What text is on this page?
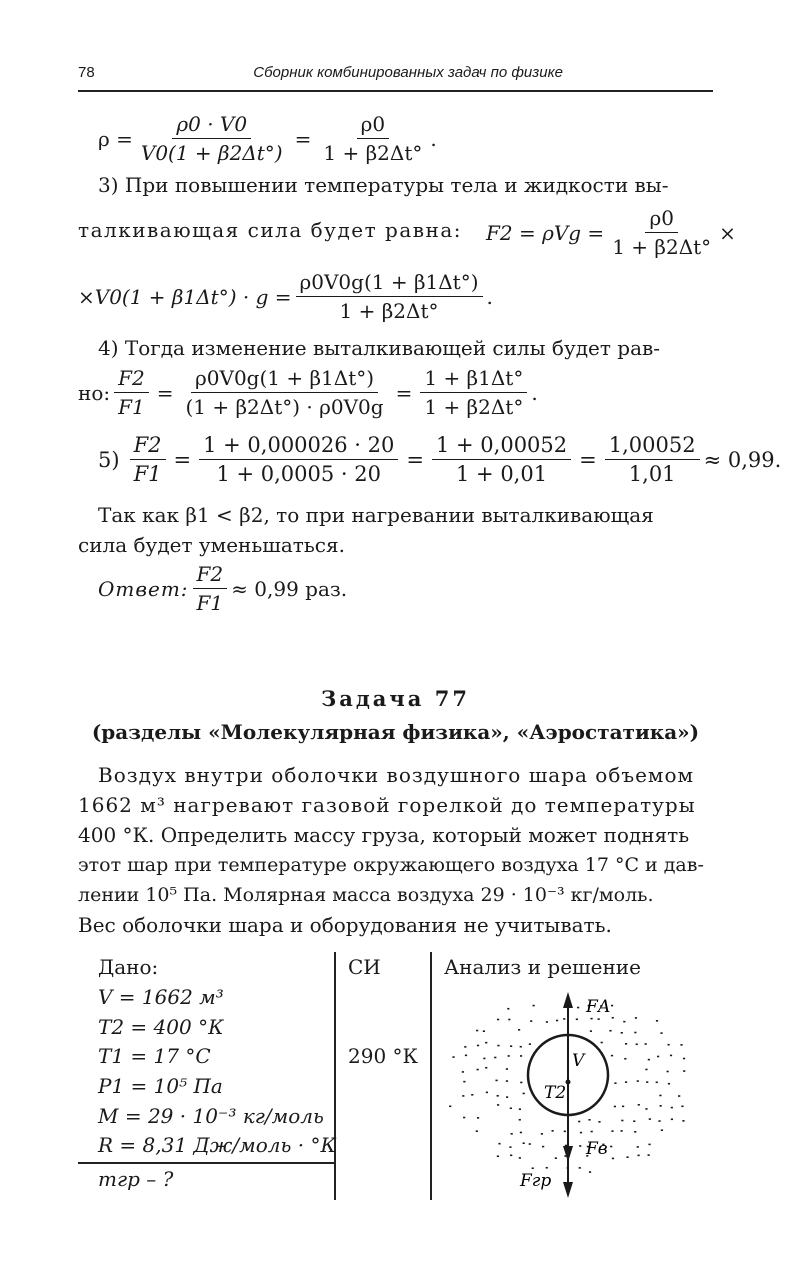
78	Сборник комбинированных задач по физике
$\rho = \frac{\rho 0 \cdot V0}{V0(1 + \beta 2\Delta t^\circ)} = \frac{\rho 0}{1 + \beta 2\Delta t^\circ}$ .
3) При повышении температуры тела и жидкости вы-
талкивающая сила будет равна: $F2 = \rho Vg = \frac{\rho 0}{1 + \beta 2\Delta t^\circ}$ ×
$\times V0(1 + \beta 1\Delta t^\circ) \cdot g = \frac{\rho 0V0g(1 + \beta 1\Delta t^\circ)}{1 + \beta 2\Delta t^\circ}$ .
4) Тогда изменение выталкивающей силы будет рав-
но: $\frac{F2}{F1} = \frac{\rho 0V0g(1 + \beta 1\Delta t^\circ)}{(1 + \beta 2\Delta t^\circ) \cdot \rho 0V0g} = \frac{1 + \beta 1\Delta t^\circ}{1 + \beta 2\Delta t^\circ}$ .
$5) \frac{F2}{F1} = \frac{1 + 0,000026 \cdot 20}{1 + 0,0005 \cdot 20} = \frac{1 + 0,00052}{1 + 0,01} = \frac{1,00052}{1,01} \approx 0,99$.
Так как β1 < β2, то при нагревании выталкивающая
сила будет уменьшаться.
Ответ: $\frac{F2}{F1} \approx 0,99$ раз.
Задача 77
(разделы «Молекулярная физика», «Аэростатика»)
Воздух внутри оболочки воздушного шара объемом
1662 м³ нагревают газовой горелкой до температуры
400 °К. Определить массу груза, который может поднять
этот шар при температуре окружающего воздуха 17 °С и дав-
лении 10⁵ Па. Молярная масса воздуха 29 · 10⁻³ кг/моль.
Вес оболочки шара и оборудования не учитывать.
Дано:
V = 1662 м³
T2 = 400 °К
T1 = 17 °С
P1 = 10⁵ Па
M = 29 · 10⁻³ кг/моль
R = 8,31 Дж/моль · °К
mгр – ?
СИ
290 °К
Анализ и решение
FА
V
T2
Fв
Fгр
